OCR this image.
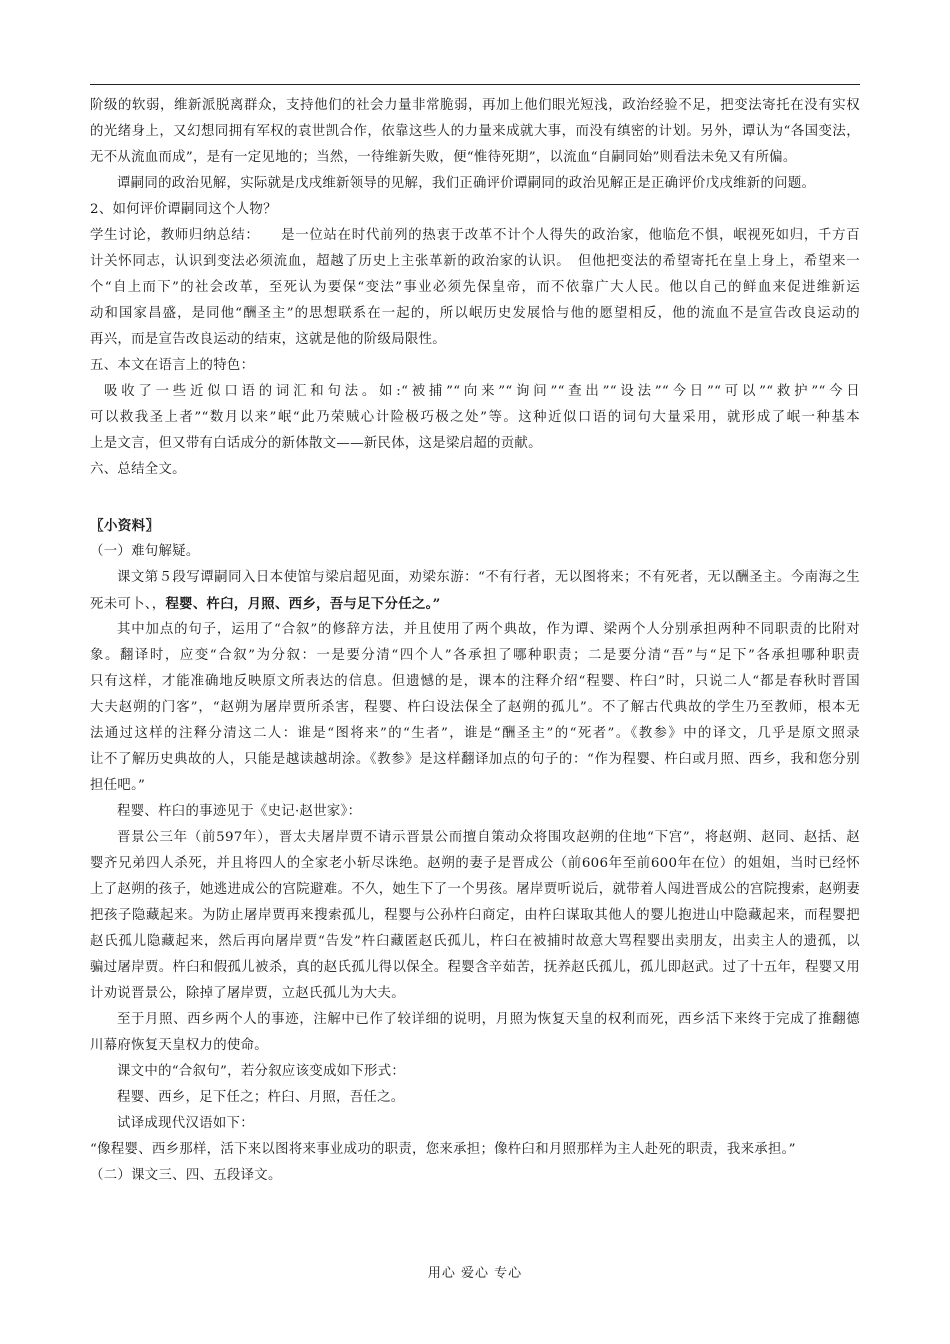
阶级的软弱，维新派脱离群众，支持他们的社会力量非常脆弱，再加上他们眼光短浅，政治经验不足，把变法寄托在没有实权
的光绪身上，又幻想同拥有军权的袁世凯合作，依靠这些人的力量来成就大事，而没有缜密的计划。另外，谭认为“各国变法，
无不从流血而成”，是有一定见地的；当然，一待维新失败，便“惟待死期”，以流血“自嗣同始”则看法未免又有所偏。
谭嗣同的政治见解，实际就是戊戌维新领导的见解，我们正确评价谭嗣同的政治见解正是正确评价戊戌维新的问题。
2、如何评价谭嗣同这个人物？
学生讨论，教师归纳总结：　　是一位站在时代前列的热衷于改革不计个人得失的政治家，他临危不惧，岷视死如归，千方百
计关怀同志，认识到变法必须流血，超越了历史上主张革新的政治家的认识。　但他把变法的希望寄托在皇上身上，希望来一
个“自上而下”的社会改革，至死认为要保“变法”事业必须先保皇帝，而不依靠广大人民。他以自己的鲜血来促进维新运
动和国家昌盛，是同他“酬圣主”的思想联系在一起的，所以岷历史发展恰与他的愿望相反，他的流血不是宣告改良运动的
再兴，而是宣告改良运动的结束，这就是他的阶级局限性。
五、本文在语言上的特色：
吸收了一些近似口语的词汇和句法。如:“被捕”“向来”“询问”“查出”“设法”“今日”“可以”“救护”“今日
可以救我圣上者”“数月以来”岷“此乃荣贼心计险极巧极之处”等。这种近似口语的词句大量采用，就形成了岷一种基本
上是文言，但又带有白话成分的新体散文——新民体，这是梁启超的贡献。
六、总结全文。
〖小资料〗
（一）难句解疑。
课文第５段写谭嗣同入日本使馆与梁启超见面，劝梁东游：“不有行者，无以图将来；不有死者，无以酬圣主。今南海之生
死未可卜、，程婴、杵臼，月照、西乡，吾与足下分任之。”
其中加点的句子，运用了“合叙”的修辞方法，并且使用了两个典故，作为谭、梁两个人分别承担两种不同职责的比附对
象。翻译时，应变“合叙”为分叙：一是要分清“四个人”各承担了哪种职责；二是要分清“吾”与“足下”各承担哪种职责
只有这样，才能准确地反映原文所表达的信息。但遗憾的是，课本的注释介绍“程婴、杵臼”时，只说二人“都是春秋时晋国
大夫赵朔的门客”，“赵朔为屠岸贾所杀害，程婴、杵臼设法保全了赵朔的孤儿”。不了解古代典故的学生乃至教师，根本无
法通过这样的注释分清这二人：谁是“图将来”的“生者”，谁是“酬圣主”的“死者”。《教参》中的译文，几乎是原文照录
让不了解历史典故的人，只能是越读越胡涂。《教参》是这样翻译加点的句子的：“作为程婴、杵臼或月照、西乡，我和您分别
担任吧。”
程婴、杵臼的事迹见于《史记·赵世家》：
晋景公三年（前597年），晋太夫屠岸贾不请示晋景公而擅自策动众将围攻赵朔的住地“下宫”，将赵朔、赵同、赵括、赵
婴齐兄弟四人杀死，并且将四人的全家老小斩尽诛绝。赵朔的妻子是晋成公（前606年至前600年在位）的姐姐，当时已经怀
上了赵朔的孩子，她逃进成公的宫院避难。不久，她生下了一个男孩。屠岸贾听说后，就带着人闯进晋成公的宫院搜索，赵朔妻
把孩子隐藏起来。为防止屠岸贾再来搜索孤儿，程婴与公孙杵臼商定，由杵臼谋取其他人的婴儿抱进山中隐藏起来，而程婴把
赵氏孤儿隐藏起来，然后再向屠岸贾“告发”杵臼藏匿赵氏孤儿，杵臼在被捕时故意大骂程婴出卖朋友，出卖主人的遗孤，以
骗过屠岸贾。杵臼和假孤儿被杀，真的赵氏孤儿得以保全。程婴含辛茹苦，抚养赵氏孤儿，孤儿即赵武。过了十五年，程婴又用
计劝说晋景公，除掉了屠岸贾，立赵氏孤儿为大夫。
至于月照、西乡两个人的事迹，注解中已作了较详细的说明，月照为恢复天皇的权利而死，西乡活下来终于完成了推翻德
川幕府恢复天皇权力的使命。
课文中的“合叙句”，若分叙应该变成如下形式：
程婴、西乡，足下任之；杵臼、月照，吾任之。
试译成现代汉语如下：
“像程婴、西乡那样，活下来以图将来事业成功的职责，您来承担；像杵臼和月照那样为主人赴死的职责，我来承担。”
（二）课文三、四、五段译文。
用心 爱心 专心
